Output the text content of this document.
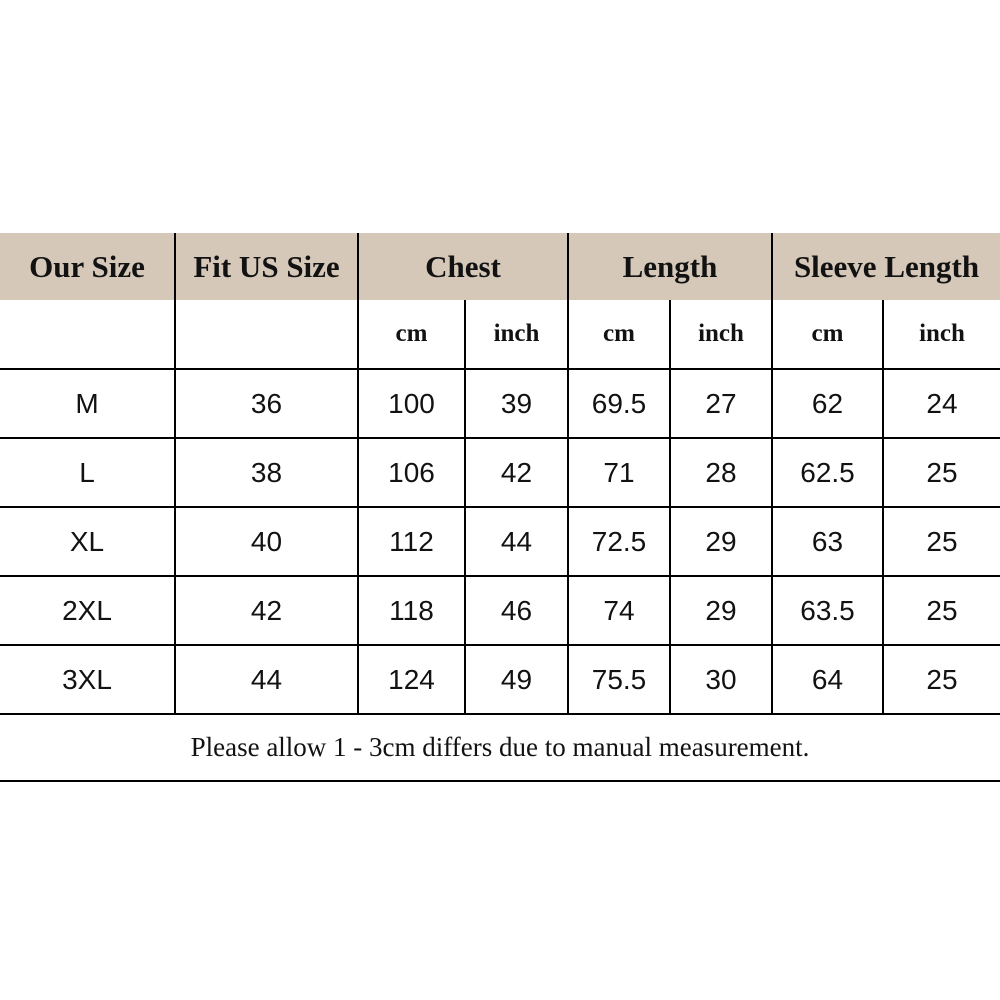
Our Size	Fit US Size	Chest		Length		Sleeve Length	
		cm	inch	cm	inch	cm	inch
M	36	100	39	69.5	27	62	24
L	38	106	42	71	28	62.5	25
XL	40	112	44	72.5	29	63	25
2XL	42	118	46	74	29	63.5	25
3XL	44	124	49	75.5	30	64	25
Please allow 1 - 3cm differs due to manual measurement.							
